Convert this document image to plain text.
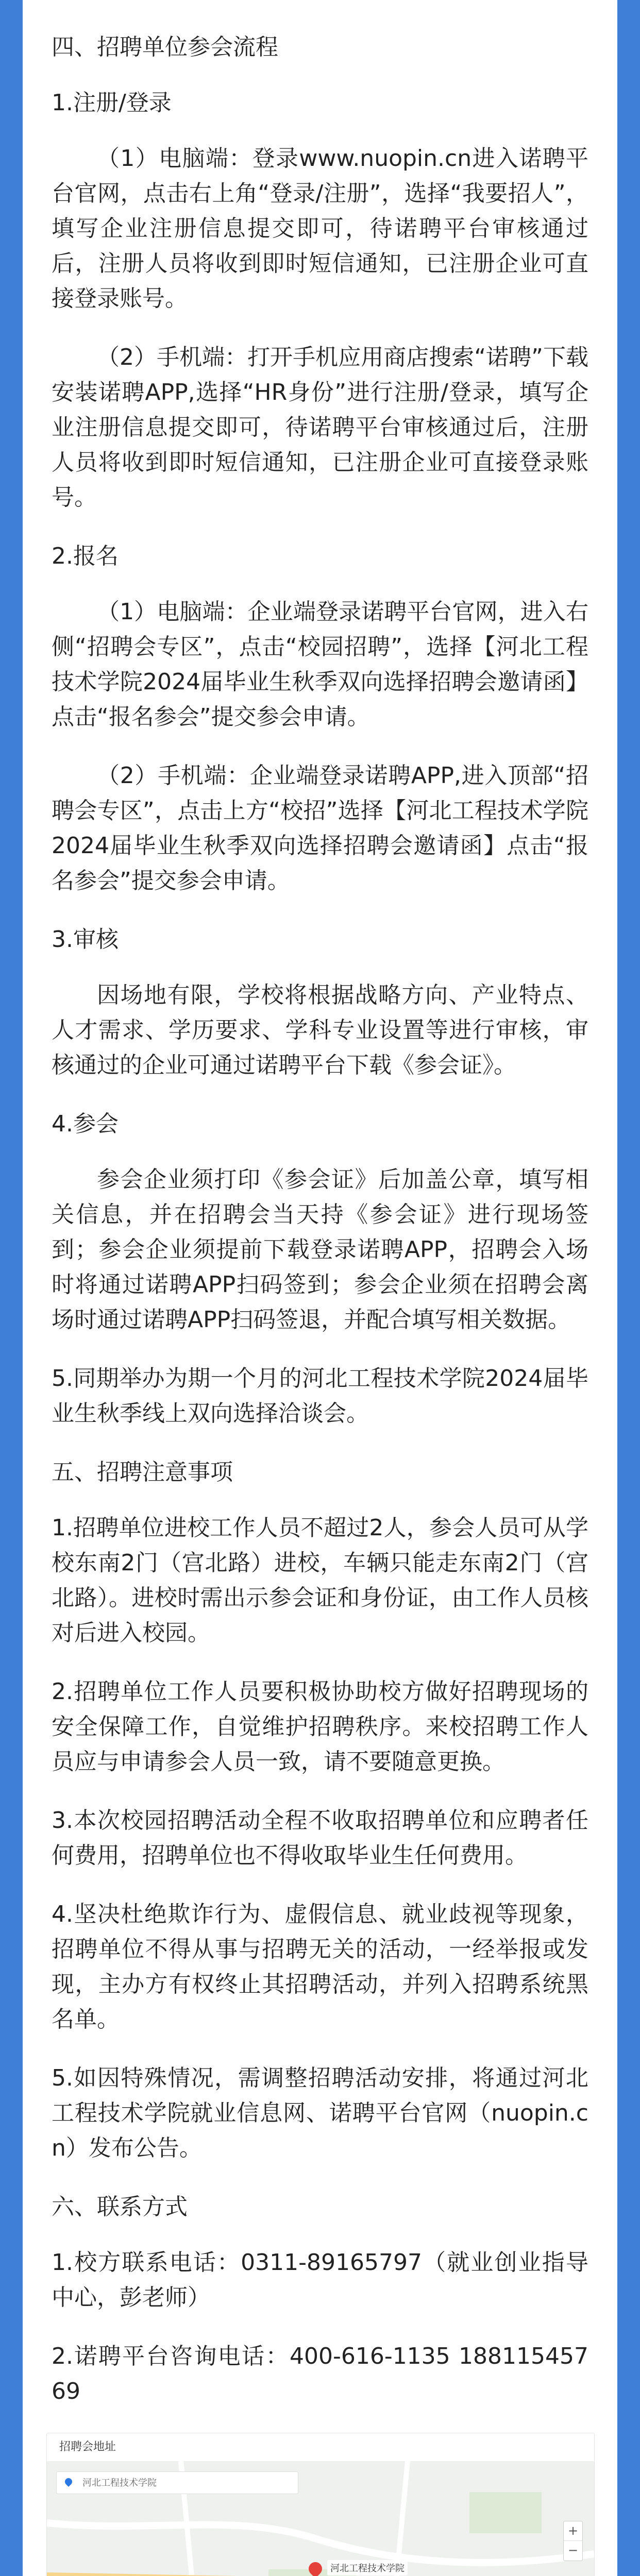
四、招聘单位参会流程
1.注册/登录

（1）电脑端：登录www.nuopin.cn进入诺聘平台官网，点击右上角“登录/注册”，选择“我要招人”，填写企业注册信息提交即可，待诺聘平台审核通过后，注册人员将收到即时短信通知，已注册企业可直接登录账号。

（2）手机端：打开手机应用商店搜索“诺聘”下载安装诺聘APP,选择“HR身份”进行注册/登录，填写企业注册信息提交即可，待诺聘平台审核通过后，注册人员将收到即时短信通知，已注册企业可直接登录账号。

2.报名

（1）电脑端：企业端登录诺聘平台官网，进入右侧“招聘会专区”，点击“校园招聘”，选择【河北工程技术学院2024届毕业生秋季双向选择招聘会邀请函】点击“报名参会”提交参会申请。

（2）手机端：企业端登录诺聘APP,进入顶部“招聘会专区”，点击上方“校招”选择【河北工程技术学院2024届毕业生秋季双向选择招聘会邀请函】点击“报名参会”提交参会申请。

3.审核

因场地有限，学校将根据战略方向、产业特点、人才需求、学历要求、学科专业设置等进行审核，审核通过的企业可通过诺聘平台下载《参会证》。

4.参会

参会企业须打印《参会证》后加盖公章，填写相关信息，并在招聘会当天持《参会证》进行现场签到；参会企业须提前下载登录诺聘APP，招聘会入场时将通过诺聘APP扫码签到；参会企业须在招聘会离场时通过诺聘APP扫码签退，并配合填写相关数据。

5.同期举办为期一个月的河北工程技术学院2024届毕业生秋季线上双向选择洽谈会。

五、招聘注意事项

1.招聘单位进校工作人员不超过2人，参会人员可从学校东南2门（宫北路）进校，车辆只能走东南2门（宫北路）。进校时需出示参会证和身份证，由工作人员核对后进入校园。

2.招聘单位工作人员要积极协助校方做好招聘现场的安全保障工作，自觉维护招聘秩序。来校招聘工作人员应与申请参会人员一致，请不要随意更换。

3.本次校园招聘活动全程不收取招聘单位和应聘者任何费用，招聘单位也不得收取毕业生任何费用。

4.坚决杜绝欺诈行为、虚假信息、就业歧视等现象，招聘单位不得从事与招聘无关的活动，一经举报或发现，主办方有权终止其招聘活动，并列入招聘系统黑名单。

5.如因特殊情况，需调整招聘活动安排，将通过河北工程技术学院就业信息网、诺聘平台官网（nuopin.cn）发布公告。

六、联系方式

1.校方联系电话：0311-89165797（就业创业指导中心，彭老师）

2.诺聘平台咨询电话：400-616-1135 18811545769

招聘会地址
河北工程技术学院
河北工程技术学院
+
−
